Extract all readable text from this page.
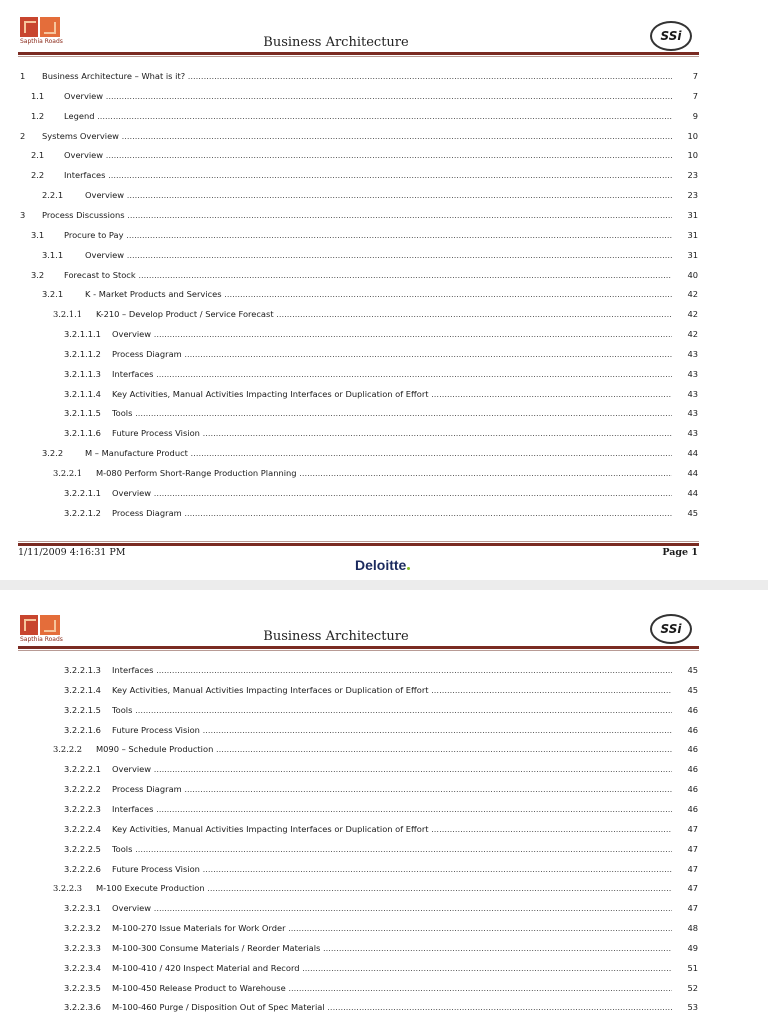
Sapthia Roads	Business Architecture	SSi
1 Business Architecture – What is it? .....	7
1.1 Overview .....	7
1.2 Legend .....	9
2 Systems Overview .....	10
2.1 Overview .....	10
2.2 Interfaces .....	23
2.2.1	Overview .....	23
3 Process Discussions .....	31
3.1 Procure to Pay .....	31
3.1.1	Overview .....	31
3.2 Forecast to Stock .....	40
3.2.1	K - Market Products and Services .....	42
3.2.1.1 K-210 – Develop Product / Service Forecast .....	42
3.2.1.1.1 Overview .....	42
3.2.1.1.2 Process Diagram .....	43
3.2.1.1.3 Interfaces .....	43
3.2.1.1.4 Key Activities, Manual Activities Impacting Interfaces or Duplication of Effort .....	43
3.2.1.1.5 Tools .....	43
3.2.1.1.6 Future Process Vision .....	43
3.2.2	M – Manufacture Product .....	44
3.2.2.1 M-080 Perform Short-Range Production Planning .....	44
3.2.2.1.1 Overview .....	44
3.2.2.1.2 Process Diagram .....	45
1/11/2009 4:16:31 PM	Page 1
Deloitte
Sapthia Roads	Business Architecture	SSi
3.2.2.1.3 Interfaces .....	45
3.2.2.1.4 Key Activities, Manual Activities Impacting Interfaces or Duplication of Effort .....	45
3.2.2.1.5 Tools .....	46
3.2.2.1.6 Future Process Vision .....	46
3.2.2.2 M090 – Schedule Production .....	46
3.2.2.2.1 Overview .....	46
3.2.2.2.2 Process Diagram .....	46
3.2.2.2.3 Interfaces .....	46
3.2.2.2.4 Key Activities, Manual Activities Impacting Interfaces or Duplication of Effort .....	47
3.2.2.2.5 Tools .....	47
3.2.2.2.6 Future Process Vision .....	47
3.2.2.3 M-100 Execute Production .....	47
3.2.2.3.1 Overview .....	47
3.2.2.3.2 M-100-270 Issue Materials for Work Order .....	48
3.2.2.3.3 M-100-300 Consume Materials / Reorder Materials .....	49
3.2.2.3.4 M-100-410 / 420 Inspect Material and Record .....	51
3.2.2.3.5 M-100-450 Release Product to Warehouse .....	52
3.2.2.3.6 M-100-460 Purge / Disposition Out of Spec Material .....	53
